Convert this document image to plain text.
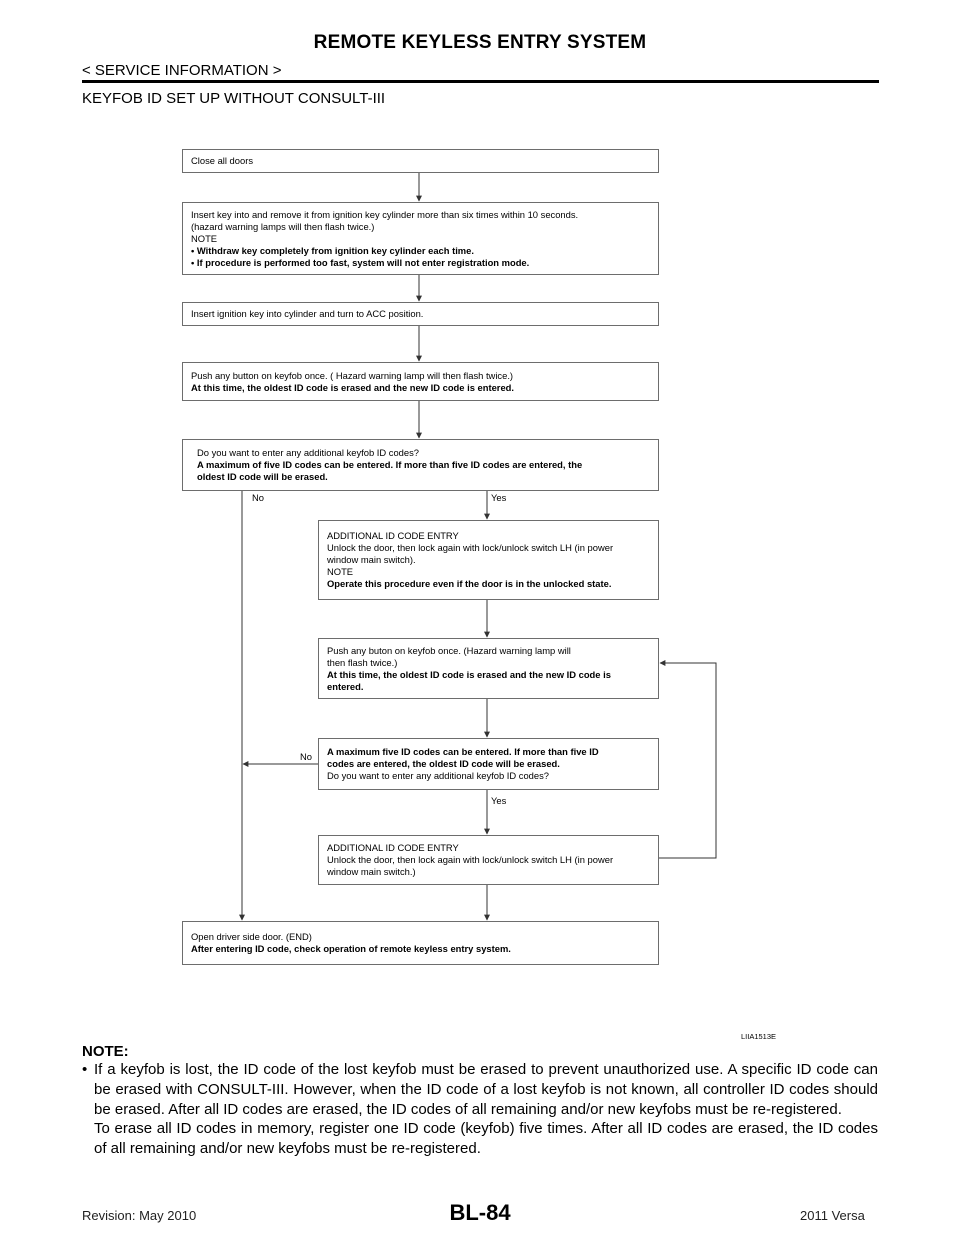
REMOTE KEYLESS ENTRY SYSTEM
< SERVICE INFORMATION >
KEYFOB ID SET UP WITHOUT CONSULT-III
Close all doors
Insert key into and remove it from ignition key cylinder more than six times within 10 seconds.
(hazard warning lamps will then flash twice.)
NOTE
• Withdraw key completely from ignition key cylinder each time.
• If procedure is performed too fast, system will not enter registration mode.
Insert ignition key into cylinder and turn to ACC position.
Push any button on keyfob once. ( Hazard warning lamp will then flash twice.)
At this time, the oldest ID code is erased and the new ID code is entered.
Do you want to enter any additional keyfob ID codes?
A maximum of five ID codes can be entered. If more than five ID codes are entered, the
oldest ID code will be erased.
No	Yes
ADDITIONAL ID CODE ENTRY
Unlock the door, then lock again with lock/unlock switch LH (in power
window main switch).
NOTE
Operate this procedure even if the door is in the unlocked state.
Push any buton on keyfob once. (Hazard warning lamp will
then flash twice.)
At this time, the oldest ID code is erased and the new ID code is
entered.
A maximum five ID codes can be entered. If more than five ID
codes are entered, the oldest ID code will be erased.
Do you want to enter any additional keyfob ID codes?
No
Yes
ADDITIONAL ID CODE ENTRY
Unlock the door, then lock again with lock/unlock switch LH (in power
window main switch.)
Open driver side door. (END)
After entering ID code, check operation of remote keyless entry system.
LIIA1513E
NOTE:
• If a keyfob is lost, the ID code of the lost keyfob must be erased to prevent unauthorized use. A specific ID code can be erased with CONSULT-III. However, when the ID code of a lost keyfob is not known, all controller ID codes should be erased. After all ID codes are erased, the ID codes of all remaining and/or new keyfobs must be re-registered.

To erase all ID codes in memory, register one ID code (keyfob) five times. After all ID codes are erased, the ID codes of all remaining and/or new keyfobs must be re-registered.

Revision: May 2010	BL-84	2011 Versa
